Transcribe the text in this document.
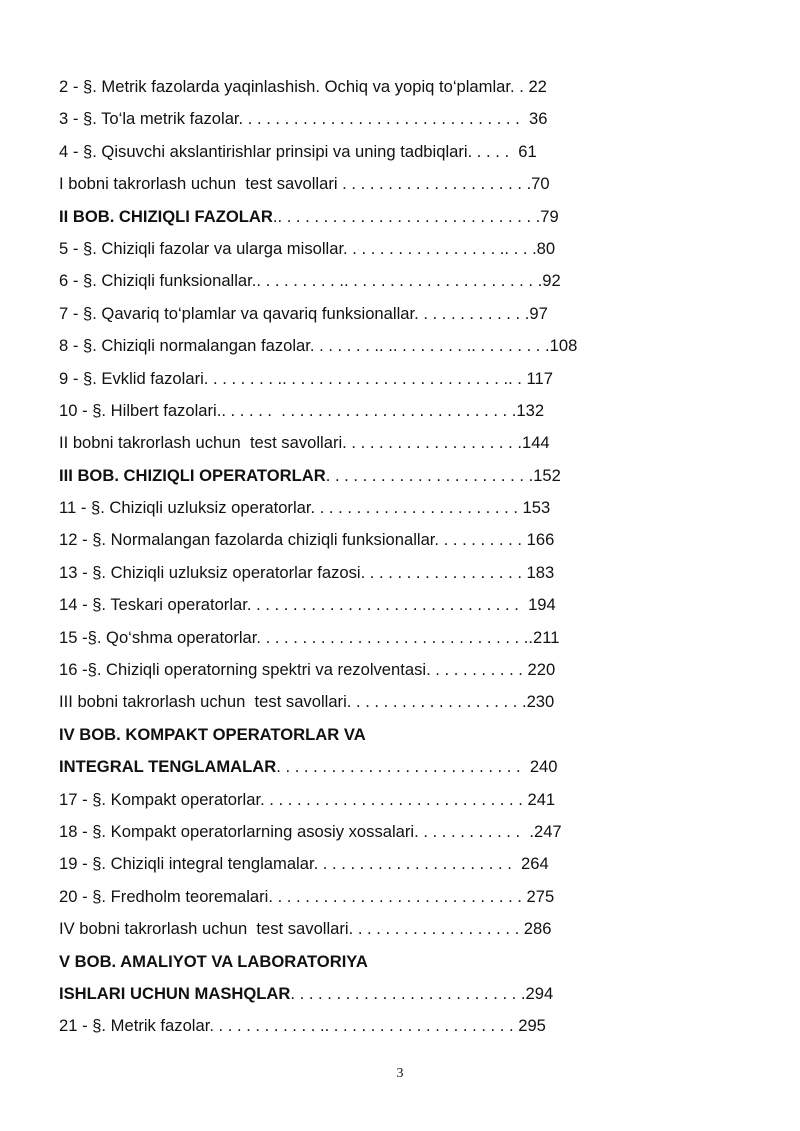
2 - §. Metrik fazolarda yaqinlashish. Ochiq va yopiq to‘plamlar. . 22
3 - §. To‘la metrik fazolar. . . . . . . . . . . . . . . . . . . . . . . . . . . . . . .  36
4 - §. Qisuvchi akslantirishlar prinsipi va uning tadbiqlari. . . . .  61
I bobni takrorlash uchun  test savollari . . . . . . . . . . . . . . . . . . . . .70
II BOB. CHIZIQLI FAZOLAR.. . . . . . . . . . . . . . . . . . . . . . . . . . . . .79
5 - §. Chiziqli fazolar va ularga misollar. . . . . . . . . . . . . . . . . .. . . .80
6 - §. Chiziqli funksionallar.. . . . . . . . . .. . . . . . . . . . . . . . . . . . . . . .92
7 - §. Qavariq to‘plamlar va qavariq funksionallar. . . . . . . . . . . . .97
8 - §. Chiziqli normalangan fazolar. . . . . . . .. .. . . . . . . . .. . . . . . . . .108
9 - §. Evklid fazolari. . . . . . . . .. . . . . . . . . . . . . . . . . . . . . . . . .. . 117
10 - §. Hilbert fazolari.. . . . . .  . . . . . . . . . . . . . . . . . . . . . . . . . .132
II bobni takrorlash uchun  test savollari. . . . . . . . . . . . . . . . . . . .144
III BOB. CHIZIQLI OPERATORLAR. . . . . . . . . . . . . . . . . . . . . . .152
11 - §. Chiziqli uzluksiz operatorlar. . . . . . . . . . . . . . . . . . . . . . . 153
12 - §. Normalangan fazolarda chiziqli funksionallar. . . . . . . . . . 166
13 - §. Chiziqli uzluksiz operatorlar fazosi. . . . . . . . . . . . . . . . . . 183
14 - §. Teskari operatorlar. . . . . . . . . . . . . . . . . . . . . . . . . . . . . .  194
15 -§. Qo‘shma operatorlar. . . . . . . . . . . . . . . . . . . . . . . . . . . . . ..211
16 -§. Chiziqli operatorning spektri va rezolventasi. . . . . . . . . . . 220
III bobni takrorlash uchun  test savollari. . . . . . . . . . . . . . . . . . . .230
IV BOB. KOMPAKT OPERATORLAR VA
INTEGRAL TENGLAMALAR. . . . . . . . . . . . . . . . . . . . . . . . . . .  240
17 - §. Kompakt operatorlar. . . . . . . . . . . . . . . . . . . . . . . . . . . . . 241
18 - §. Kompakt operatorlarning asosiy xossalari. . . . . . . . . . . .  .247
19 - §. Chiziqli integral tenglamalar. . . . . . . . . . . . . . . . . . . . . .  264
20 - §. Fredholm teoremalari. . . . . . . . . . . . . . . . . . . . . . . . . . . . 275
IV bobni takrorlash uchun  test savollari. . . . . . . . . . . . . . . . . . . 286
V BOB. AMALIYOT VA LABORATORIYA
ISHLARI UCHUN MASHQLAR. . . . . . . . . . . . . . . . . . . . . . . . . .294
21 - §. Metrik fazolar. . . . . . . . . . . . .. . . . . . . . . . . . . . . . . . . . . 295
3
